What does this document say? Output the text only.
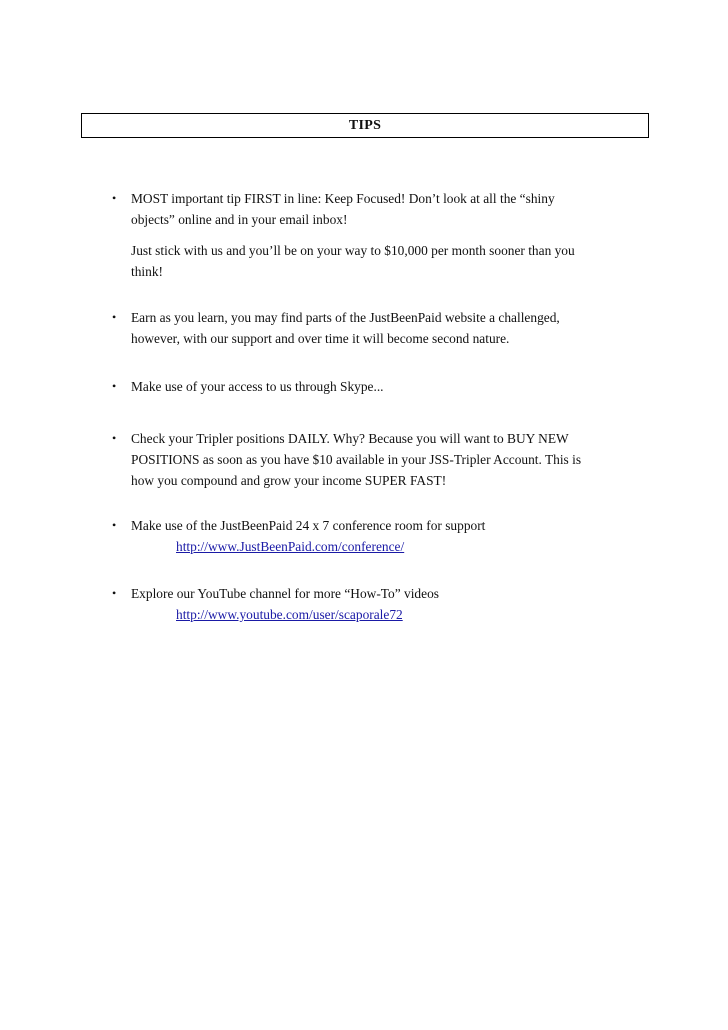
TIPS
• MOST important tip FIRST in line: Keep Focused! Don’t look at all the “shiny
objects” online and in your email inbox!
Just stick with us and you’ll be on your way to $10,000 per month sooner than you
think!
• Earn as you learn, you may find parts of the JustBeenPaid website a challenged,
however, with our support and over time it will become second nature.
• Make use of your access to us through Skype...
• Check your Tripler positions DAILY. Why? Because you will want to BUY NEW
POSITIONS as soon as you have $10 available in your JSS-Tripler Account. This is
how you compound and grow your income SUPER FAST!
• Make use of the JustBeenPaid 24 x 7 conference room for support
http://www.JustBeenPaid.com/conference/
• Explore our YouTube channel for more “How-To” videos
http://www.youtube.com/user/scaporale72
